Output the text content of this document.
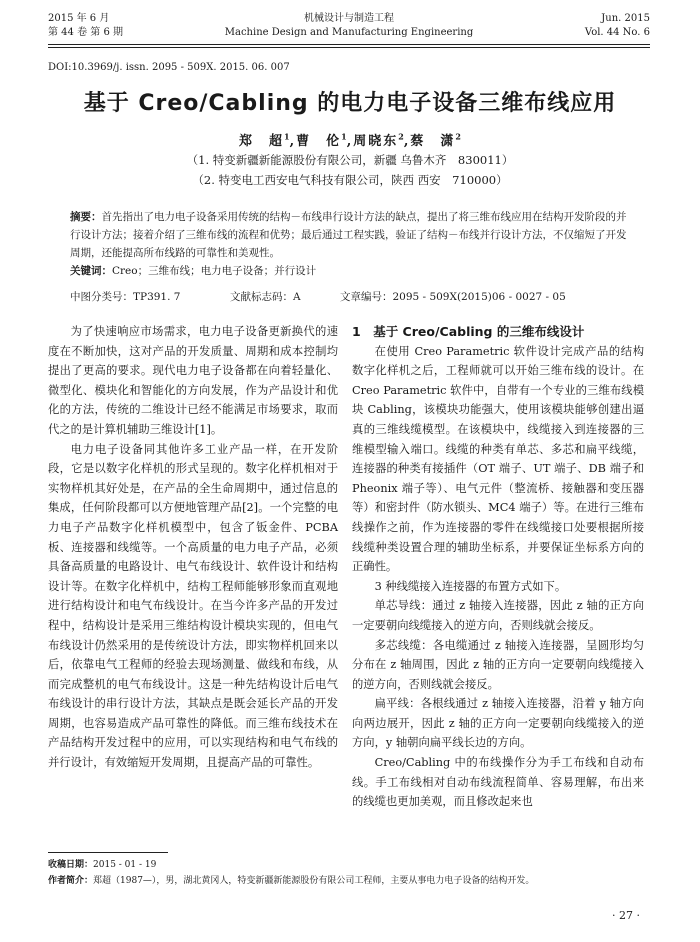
2015 年 6 月
第 44 卷 第 6 期
机械设计与制造工程
Machine Design and Manufacturing Engineering
Jun. 2015
Vol. 44 No. 6
DOI:10.3969/j. issn. 2095 - 509X. 2015. 06. 007
基于 Creo/Cabling 的电力电子设备三维布线应用
郑　超$^1$,曹　伦$^1$,周晓东$^2$,蔡　潇$^2$
（1. 特变新疆新能源股份有限公司，新疆 乌鲁木齐　830011）
（2. 特变电工西安电气科技有限公司，陕西 西安　710000）

摘要：首先指出了电力电子设备采用传统的结构－布线串行设计方法的缺点，提出了将三维布线应用在结构开发阶段的并行设计方法；接着介绍了三维布线的流程和优势；最后通过工程实践，验证了结构－布线并行设计方法，不仅缩短了开发周期，还能提高所布线路的可靠性和美观性。

关键词：Creo；三维布线；电力电子设备；并行设计

中图分类号：TP391. 7	文献标志码：A	文章编号：2095 - 509X(2015)06 - 0027 - 05

为了快速响应市场需求，电力电子设备更新换代的速度在不断加快，这对产品的开发质量、周期和成本控制均提出了更高的要求。现代电力电子设备都在向着轻量化、微型化、模块化和智能化的方向发展，作为产品设计和优化的方法，传统的二维设计已经不能满足市场要求，取而代之的是计算机辅助三维设计[1]。

电力电子设备同其他许多工业产品一样，在开发阶段，它是以数字化样机的形式呈现的。数字化样机相对于实物样机其好处是，在产品的全生命周期中，通过信息的集成，任何阶段都可以方便地管理产品[2]。一个完整的电力电子产品数字化样机模型中，包含了钣金件、PCBA 板、连接器和线缆等。一个高质量的电力电子产品，必须具备高质量的电路设计、电气布线设计、软件设计和结构设计等。在数字化样机中，结构工程师能够形象而直观地进行结构设计和电气布线设计。在当今许多产品的开发过程中，结构设计是采用三维结构设计模块实现的，但电气布线设计仍然采用的是传统设计方法，即实物样机回来以后，依靠电气工程师的经验去现场测量、做线和布线，从而完成整机的电气布线设计。这是一种先结构设计后电气布线设计的串行设计方法，其缺点是既会延长产品的开发周期，也容易造成产品可靠性的降低。而三维布线技术在产品结构开发过程中的应用，可以实现结构和电气布线的并行设计，有效缩短开发周期，且提高产品的可靠性。

1　基于 Creo/Cabling 的三维布线设计

在使用 Creo Parametric 软件设计完成产品的结构数字化样机之后，工程师就可以开始三维布线的设计。在 Creo Parametric 软件中，自带有一个专业的三维布线模块 Cabling，该模块功能强大，使用该模块能够创建出逼真的三维线缆模型。在该模块中，线缆接入到连接器的三维模型输入端口。线缆的种类有单芯、多芯和扁平线缆，连接器的种类有接插件（OT 端子、UT 端子、DB 端子和 Pheonix 端子等）、电气元件（整流桥、接触器和变压器等）和密封件（防水锁头、MC4 端子）等。在进行三维布线操作之前，作为连接器的零件在线缆接口处要根据所接线缆种类设置合理的辅助坐标系，并要保证坐标系方向的正确性。

3 种线缆接入连接器的布置方式如下。

单芯导线：通过 z 轴接入连接器，因此 z 轴的正方向一定要朝向线缆接入的逆方向，否则线就会接反。

多芯线缆：各电缆通过 z 轴接入连接器，呈圆形均匀分布在 z 轴周围，因此 z 轴的正方向一定要朝向线缆接入的逆方向，否则线就会接反。

扁平线：各根线通过 z 轴接入连接器，沿着 y 轴方向向两边展开，因此 z 轴的正方向一定要朝向线缆接入的逆方向，y 轴朝向扁平线长边的方向。

Creo/Cabling 中的布线操作分为手工布线和自动布线。手工布线相对自动布线流程简单、容易理解，布出来的线缆也更加美观，而且修改起来也

收稿日期：2015 - 01 - 19
作者简介：郑超（1987—），男，湖北黄冈人，特变新疆新能源股份有限公司工程师，主要从事电力电子设备的结构开发。
· 27 ·
